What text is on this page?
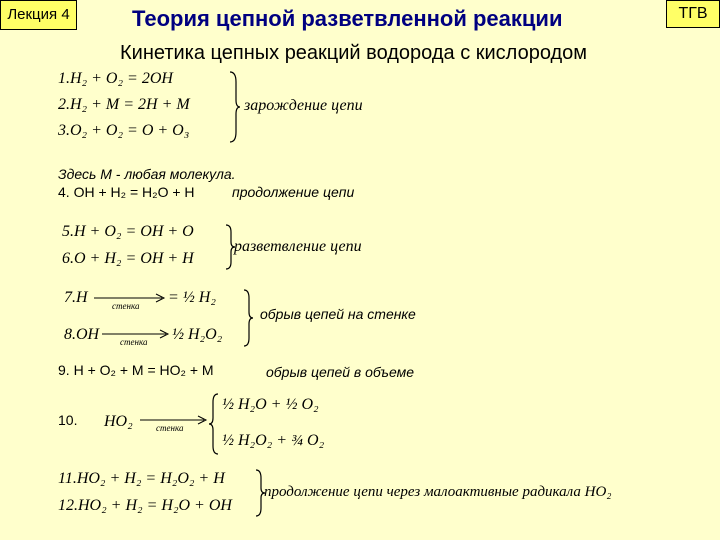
Лекция 4	ТГВ
Теория цепной разветвленной реакции
Кинетика цепных реакций водорода с кислородом
1.H₂ + O₂ = 2OH
2.H₂ + M = 2H + M
3.O₂ + O₂ = O + O₃
зарождение цепи
Здесь М - любая молекула.
4. OH + H₂ = H₂O + H	продолжение цепи
5.H + O₂ = OH + O
6.O + H₂ = OH + H
разветвление цепи
7.H	стенка = ½ H₂
8.OH стенка ½ H₂O₂
обрыв цепей на стенке
9. H + O₂ + M = HO₂ + M	обрыв цепей в объеме
10. HO₂	стенка
½ H₂O + ½ O₂
½ H₂O₂ + ¾ O₂
11.HO₂ + H₂ = H₂O₂ + H
12.HO₂ + H₂ = H₂O + OH
продолжение цепи через малоактивные радикала HO₂
